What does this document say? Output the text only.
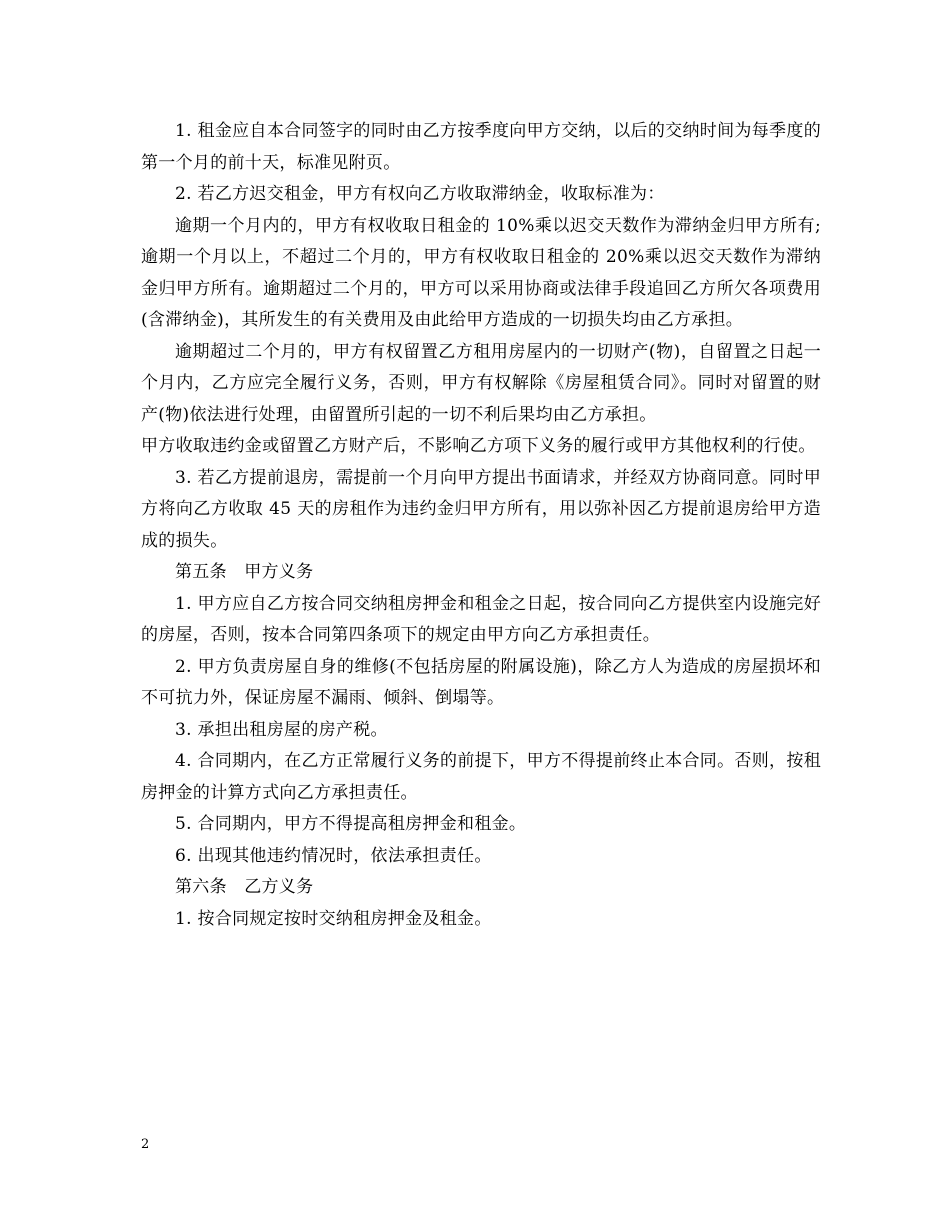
1. 租金应自本合同签字的同时由乙方按季度向甲方交纳，以后的交纳时间为每季度的第一个月的前十天，标准见附页。

2. 若乙方迟交租金，甲方有权向乙方收取滞纳金，收取标准为：

逾期一个月内的，甲方有权收取日租金的 10%乘以迟交天数作为滞纳金归甲方所有;逾期一个月以上，不超过二个月的，甲方有权收取日租金的 20%乘以迟交天数作为滞纳金归甲方所有。逾期超过二个月的，甲方可以采用协商或法律手段追回乙方所欠各项费用(含滞纳金)，其所发生的有关费用及由此给甲方造成的一切损失均由乙方承担。

逾期超过二个月的，甲方有权留置乙方租用房屋内的一切财产(物)，自留置之日起一个月内，乙方应完全履行义务，否则，甲方有权解除《房屋租赁合同》。同时对留置的财产(物)依法进行处理，由留置所引起的一切不利后果均由乙方承担。

甲方收取违约金或留置乙方财产后，不影响乙方项下义务的履行或甲方其他权利的行使。

3. 若乙方提前退房，需提前一个月向甲方提出书面请求，并经双方协商同意。同时甲方将向乙方收取 45 天的房租作为违约金归甲方所有，用以弥补因乙方提前退房给甲方造成的损失。

第五条　甲方义务

1. 甲方应自乙方按合同交纳租房押金和租金之日起，按合同向乙方提供室内设施完好的房屋，否则，按本合同第四条项下的规定由甲方向乙方承担责任。

2. 甲方负责房屋自身的维修(不包括房屋的附属设施)，除乙方人为造成的房屋损坏和不可抗力外，保证房屋不漏雨、倾斜、倒塌等。

3. 承担出租房屋的房产税。

4. 合同期内，在乙方正常履行义务的前提下，甲方不得提前终止本合同。否则，按租房押金的计算方式向乙方承担责任。

5. 合同期内，甲方不得提高租房押金和租金。

6. 出现其他违约情况时，依法承担责任。

第六条　乙方义务

1. 按合同规定按时交纳租房押金及租金。

2
